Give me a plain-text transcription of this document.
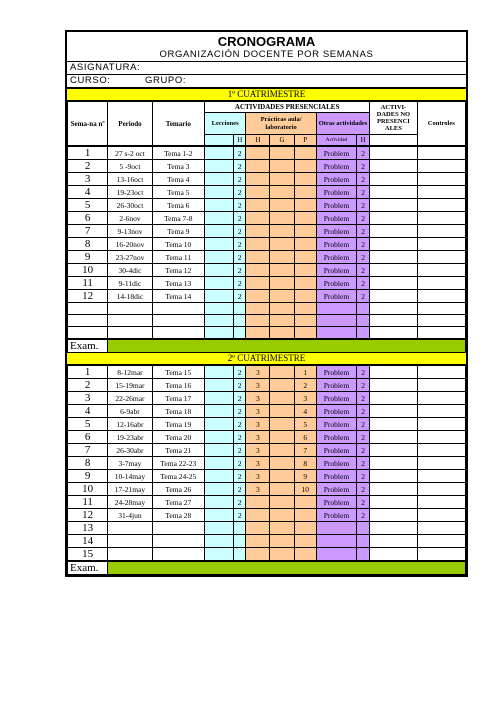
CRONOGRAMA
ORGANIZACIÓN DOCENTE POR SEMANAS
ASIGNATURA:
CURSO:	GRUPO:
1º CUATRIMESTRE
Sema-na nº	Periodo	Temario	ACTIVIDADES PRESENCIALES							ACTIVI-DADES NO PRESENCI ALES	Controles
			Lecciones		Prácticas aula/ laboratorio			Otras actividades			
				H	H	G	P	Actividad	H		
1	27 s-2 oct	Tema 1-2		2				Problem	2		
2	5 -9oct	Tema 3		2				Problem	2		
3	13-16oct	Tema 4		2				Problem	2		
4	19-23oct	Tema 5		2				Problem	2		
5	26-30oct	Tema 6		2				Problem	2		
6	2-6nov	Tema 7-8		2				Problem	2		
7	9-13nov	Tema 9		2				Problem	2		
8	16-20nov	Tema 10		2				Problem	2		
9	23-27nov	Tema 11		2				Problem	2		
10	30-4dic	Tema 12		2				Problem	2		
11	9-11dic	Tema 13		2				Problem	2		
12	14-18dic	Tema 14		2				Problem	2		

Exam.	
2º CUATRIMESTRE
1	8-12mar	Tema 15		2	3		1	Problem	2		
2	15-19mar	Tema 16		2	3		2	Problem	2		
3	22-26mar	Tema 17		2	3		3	Problem	2		
4	6-9abr	Tema 18		2	3		4	Problem	2		
5	12-16abr	Tema 19		2	3		5	Problem	2		
6	19-23abr	Tema 20		2	3		6	Problem	2		
7	26-30abr	Tema 21		2	3		7	Problem	2		
8	3-7may	Tema 22-23		2	3		8	Problem	2		
9	10-14may	Tema 24-25		2	3		9	Problem	2		
10	17-21may	Tema 26		2	3		10	Problem	2		
11	24-28may	Tema 27		2				Problem	2		
12	31-4jun	Tema 28		2				Problem	2		
13											
14											
15											
Exam.	
